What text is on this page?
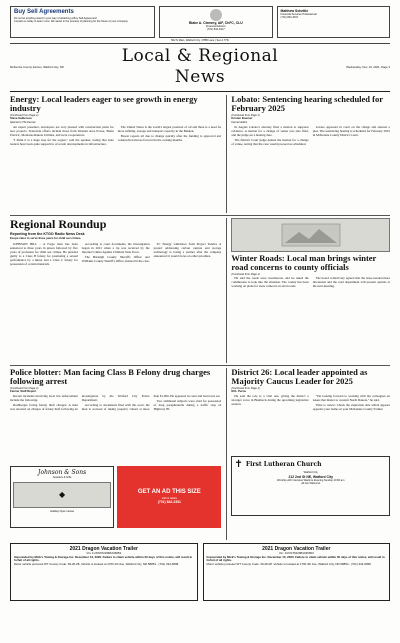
Buy Sell Agreements
Do not let anything stand in your way of obtaining a Buy Sell Agreement!
Contact us today to learn more. We assist in the process of planning for the future of your company.	Blake A. Clemmy, AIF, ChFC, CLU
Financial Advisor
(701) 842-3317
Matthew Schettle
Financial Services Professional
(701) 842-4517
502 N Main, Watford City | 7885 Lane | Sec A 77th
McKenzie County Farmer, Watford City, ND
Local & Regional News
Wednesday, Nov. 10, 2021, Page 3
Energy: Local leaders eager to see growth in energy industry
(Continued from Page 1)
Steve Halberson
Special to The Farmer

An expert presenter, developers are very pleased with construction plans for new projects. Statewide efforts include those from Western Area Power, Basin Electric, Montana-Dakota Utilities, and local cooperatives.

"I think it is a huge step for the region," said the speaker, noting that state leaders have been quite supportive of recent developments in infrastructure.

The United States is the world's largest producer of oil and there is a need for more refining, storage and transport capacity in the Bakken.

Bower reports all due to change quickly after the funding is approved and construction moves forward in the coming months.

Lobato: Sentencing hearing scheduled for February 2025
(Continued from Page 1)
Kristen Boerner
Farmer Editor

In August Lobato's attorney filed a motion to suppress evidence. A motion for a change of venue was also filed, and the judge set a hearing date.

The District Court judge denied the motion for a change of venue, noting that the case would proceed as scheduled.

Lobato appeared in court on the charge and entered a plea. The sentencing hearing is scheduled for February 2025 in McKenzie County District Court.

Regional Roundup
Reporting from the KTGO Radio News Desk
Esope class to serve three years for child sex crimes.

JOHNSON HILL - A Fargo man has been sentenced to three years in prison followed by five years of probation for child sex crimes. He pleaded guilty to a Class B felony for promoting a sexual performance by a minor and a Class C felony for possession of certain materials.

According to court documents, the investigation began in 2021 when a tip was received by the Internet Crimes Against Children Task Force.

The Burleigh County Sheriff's Office and Williams County Sheriff's Office assisted in the case.

TC Energy withdraws from Project Tundra: A project addressing carbon capture and storage technology is losing a partner after the company announced it would focus on other priorities.	Winter Roads: Local man brings winter road concerns to county officials
(Continued from Page 1)

He said the roads were treacherous, and he asked the commission to look into the situation. The county has been working on plans for snow removal on rural roads.

The board collectively agreed that the issue needed more discussion and the road department will present options at the next meeting.

Police blotter: Man facing Class B Felony drug charges following arrest
(Continued from Page 1)
Farmer Staff Report

Recent incidents involving local law enforcement include the following.

Roshberger facing felony theft charges: A man was arrested on charges of felony theft following an investigation by the Watford City Police Department.

According to documents filed with the court, the man is accused of taking property valued at more than $1,000. He appeared in court and bond was set.

Two additional subjects were cited for possession of drug paraphernalia during a traffic stop on Highway 85.

Johnson & Sons
Jewelers & Gifts
◆
Holiday Open House
GET AN AD THIS SIZE
Call for details
(701) 842-2351
District 26: Local leader appointed as Majority Caucus Leader for 2025
(Continued from Page 1)
M.K. Pernu

He said the role is a vital one, giving the district a stronger voice in Bismarck during the upcoming legislative session.

"I'm looking forward to working with my colleagues on issues that matter to western North Dakota," he said.

Time to renew: Check the expiration date which appears opposite your name on your McKenzie County Farmer.

✝ First Lutheran Church
Watford City
212 2nd St NE, Watford City
Worship with Intensive Wartime Evening Sunday 10:00 am
All Are Welcome
2021 Dragon Vacation Trailer
Vin: 1UNST6229B1036653
Impounded by Mick's Towing & Storage Inc. December 13, 2020. Failure to claim vehicle within 30 days of this notice, will result in forfeit of all rights.
Motor vehicle pursuant WT County Code: 39-26-08. Vehicle is located at 1700 4th Ave, Watford City, ND 58854 - (701) 334-6698
2021 Dragon Vacation Trailer
Vin: 1UNST6229B1036653
Impounded by Mick's Towing & Storage Inc. December 13, 2020. Failure to claim vehicle within 30 days of this notice, will result in forfeit of all rights.
Motor vehicle pursuant WT County Code: 39-26-08. Vehicle is located at 1700 4th Ave, Watford City, ND 58854 - (701) 334-6698
